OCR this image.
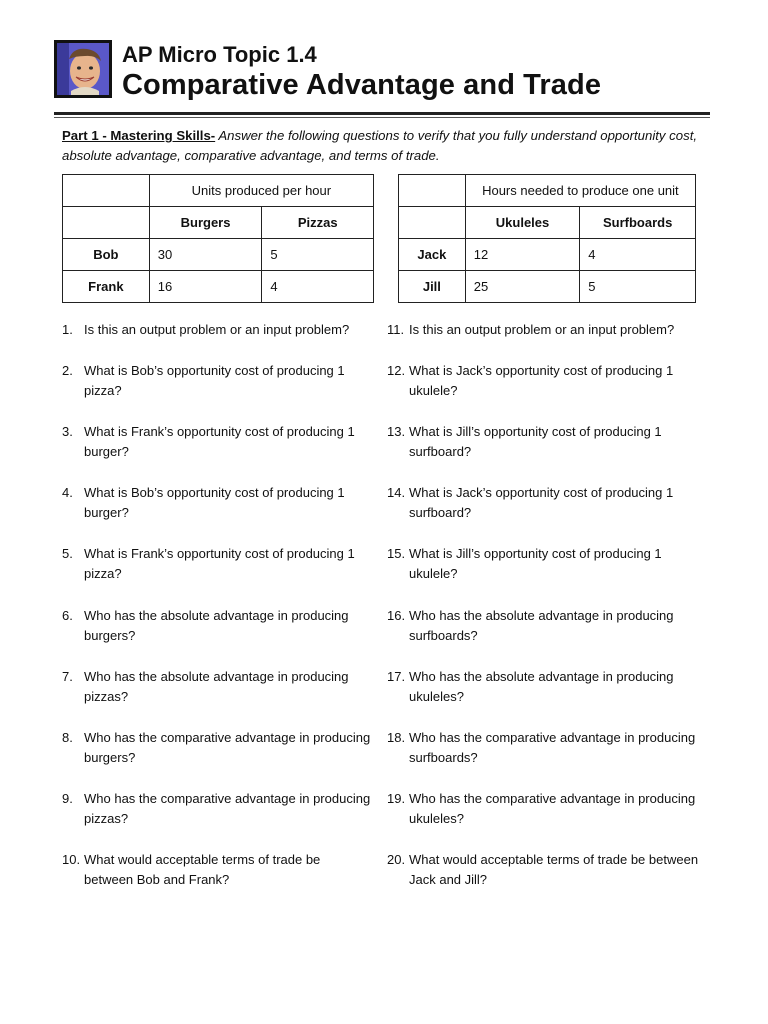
AP Micro Topic 1.4
Comparative Advantage and Trade
Part 1 - Mastering Skills- Answer the following questions to verify that you fully understand opportunity cost, absolute advantage, comparative advantage, and terms of trade.
	Units produced per hour	
	Burgers	Pizzas
Bob	30	5
Frank	16	4
	Hours needed to produce one unit	
	Ukuleles	Surfboards
Jack	12	4
Jill	25	5
1. Is this an output problem or an input problem?
2. What is Bob’s opportunity cost of producing 1 pizza?
3. What is Frank’s opportunity cost of producing 1 burger?
4. What is Bob’s opportunity cost of producing 1 burger?
5. What is Frank’s opportunity cost of producing 1 pizza?
6. Who has the absolute advantage in producing burgers?
7. Who has the absolute advantage in producing pizzas?
8. Who has the comparative advantage in producing burgers?
9. Who has the comparative advantage in producing pizzas?
10. What would acceptable terms of trade be between Bob and Frank?
11. Is this an output problem or an input problem?
12. What is Jack’s opportunity cost of producing 1 ukulele?
13. What is Jill’s opportunity cost of producing 1 surfboard?
14. What is Jack’s opportunity cost of producing 1 surfboard?
15. What is Jill’s opportunity cost of producing 1 ukulele?
16. Who has the absolute advantage in producing surfboards?
17. Who has the absolute advantage in producing ukuleles?
18. Who has the comparative advantage in producing surfboards?
19. Who has the comparative advantage in producing ukuleles?
20. What would acceptable terms of trade be between Jack and Jill?
